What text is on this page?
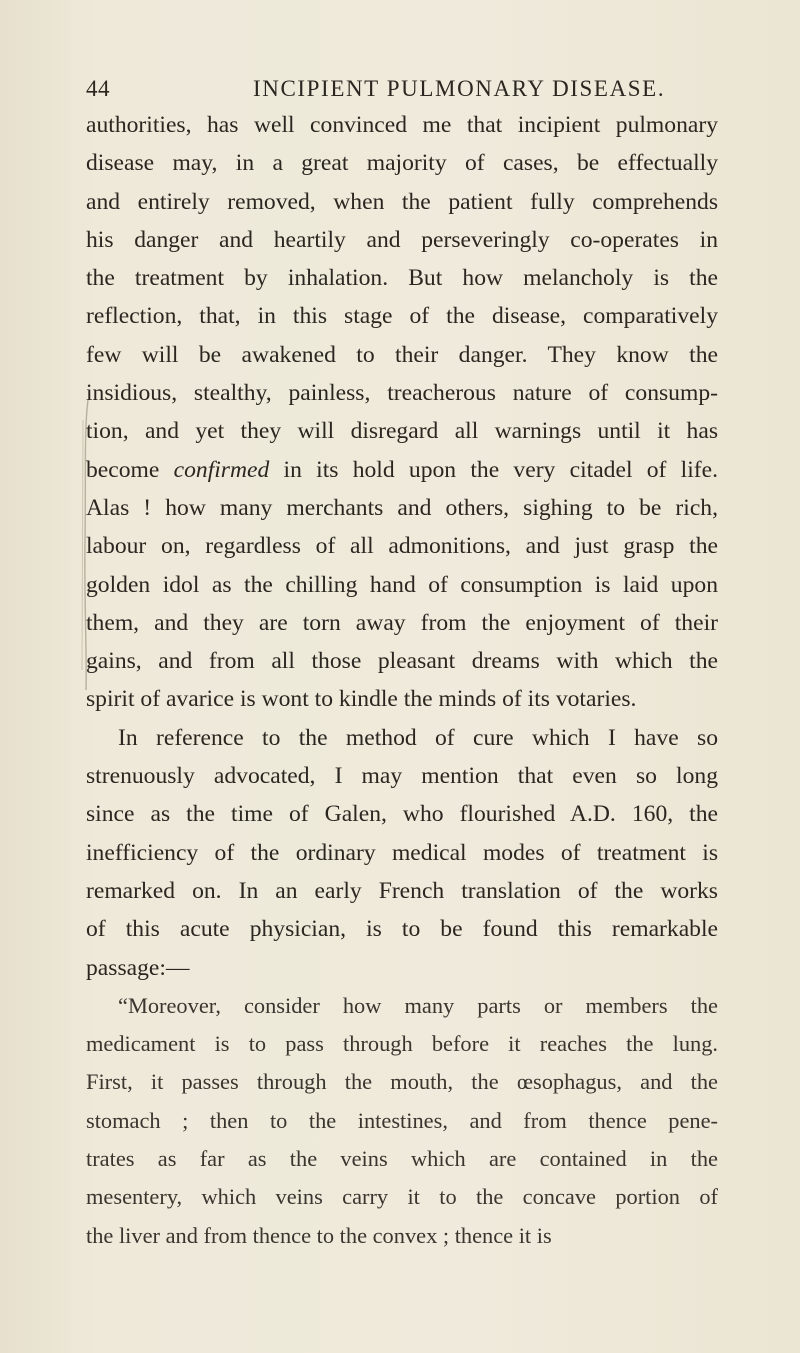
44	INCIPIENT PULMONARY DISEASE.
authorities, has well convinced me that incipient pulmonary
disease may, in a great majority of cases, be effectually
and entirely removed, when the patient fully comprehends
his danger and heartily and perseveringly co-operates in
the treatment by inhalation. But how melancholy is the
reflection, that, in this stage of the disease, comparatively
few will be awakened to their danger. They know the
insidious, stealthy, painless, treacherous nature of consump-
tion, and yet they will disregard all warnings until it has
become confirmed in its hold upon the very citadel of life.
Alas ! how many merchants and others, sighing to be rich,
labour on, regardless of all admonitions, and just grasp the
golden idol as the chilling hand of consumption is laid upon
them, and they are torn away from the enjoyment of their
gains, and from all those pleasant dreams with which the
spirit of avarice is wont to kindle the minds of its votaries.
In reference to the method of cure which I have so
strenuously advocated, I may mention that even so long
since as the time of Galen, who flourished A.D. 160, the
inefficiency of the ordinary medical modes of treatment is
remarked on. In an early French translation of the works
of this acute physician, is to be found this remarkable
passage:—
“Moreover, consider how many parts or members the
medicament is to pass through before it reaches the lung.
First, it passes through the mouth, the œsophagus, and the
stomach ; then to the intestines, and from thence pene-
trates as far as the veins which are contained in the
mesentery, which veins carry it to the concave portion of
the liver and from thence to the convex ; thence it is
